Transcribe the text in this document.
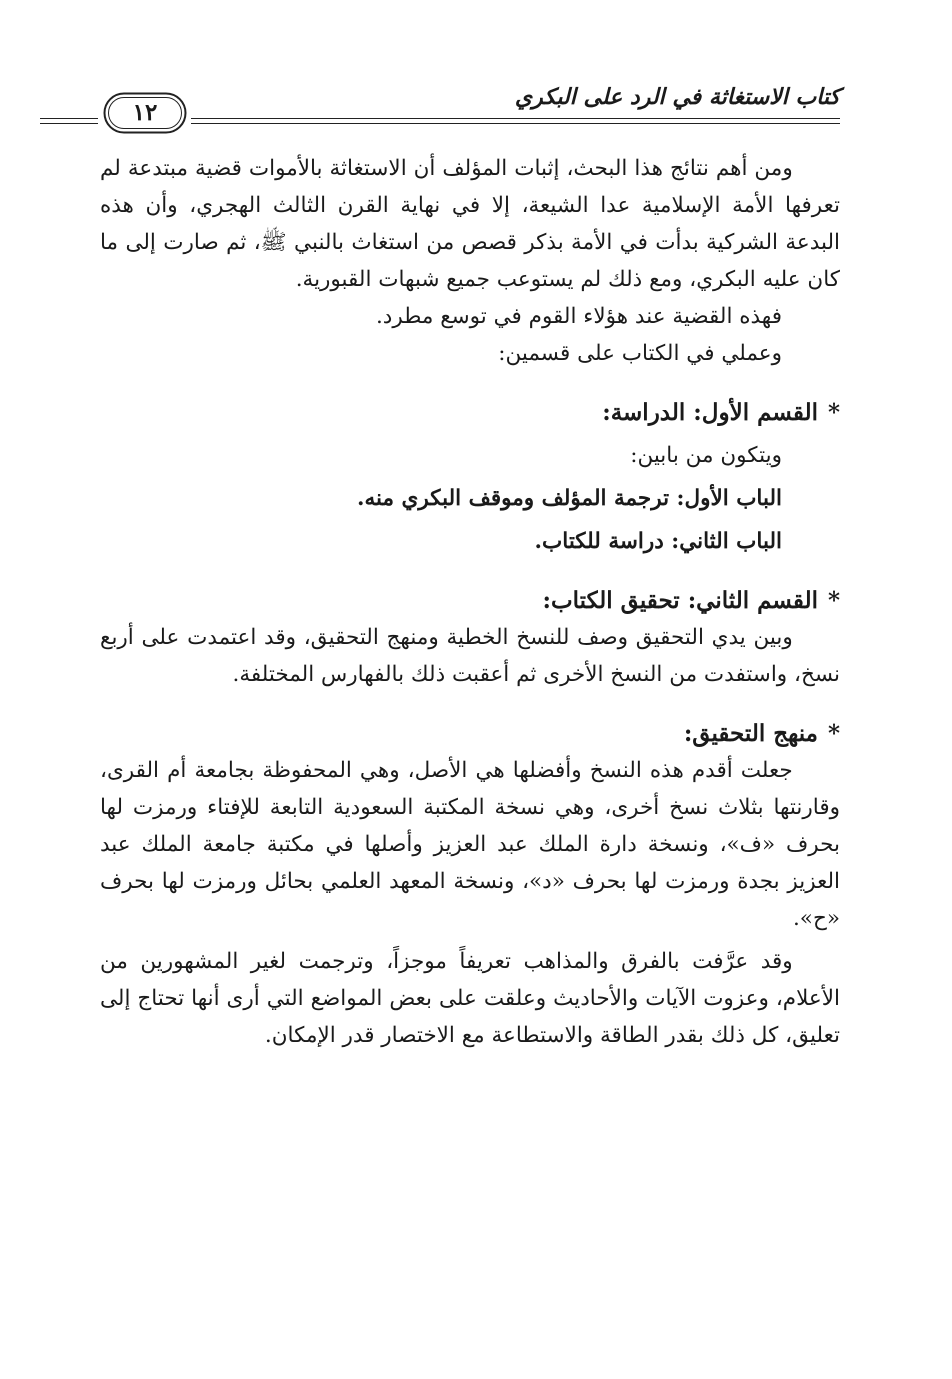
كتاب الاستغاثة في الرد على البكري
١٢

ومن أهم نتائج هذا البحث، إثبات المؤلف أن الاستغاثة بالأموات قضية مبتدعة لم تعرفها الأمة الإسلامية عدا الشيعة، إلا في نهاية القرن الثالث الهجري، وأن هذه البدعة الشركية بدأت في الأمة بذكر قصص من استغاث بالنبي ﷺ، ثم صارت إلى ما كان عليه البكري، ومع ذلك لم يستوعب جميع شبهات القبورية.

فهذه القضية عند هؤلاء القوم في توسع مطرد.

وعملي في الكتاب على قسمين:

*القسم الأول: الدراسة:

ويتكون من بابين:

الباب الأول: ترجمة المؤلف وموقف البكري منه.

الباب الثاني: دراسة للكتاب.

*القسم الثاني: تحقيق الكتاب:

وبين يدي التحقيق وصف للنسخ الخطية ومنهج التحقيق، وقد اعتمدت على أربع نسخ، واستفدت من النسخ الأخرى ثم أعقبت ذلك بالفهارس المختلفة.

*منهج التحقيق:

جعلت أقدم هذه النسخ وأفضلها هي الأصل، وهي المحفوظة بجامعة أم القرى، وقارنتها بثلاث نسخ أخرى، وهي نسخة المكتبة السعودية التابعة للإفتاء ورمزت لها بحرف «ف»، ونسخة دارة الملك عبد العزيز وأصلها في مكتبة جامعة الملك عبد العزيز بجدة ورمزت لها بحرف «د»، ونسخة المعهد العلمي بحائل ورمزت لها بحرف «ح».

وقد عرَّفت بالفرق والمذاهب تعريفاً موجزاً، وترجمت لغير المشهورين من الأعلام، وعزوت الآيات والأحاديث وعلقت على بعض المواضع التي أرى أنها تحتاج إلى تعليق، كل ذلك بقدر الطاقة والاستطاعة مع الاختصار قدر الإمكان.
